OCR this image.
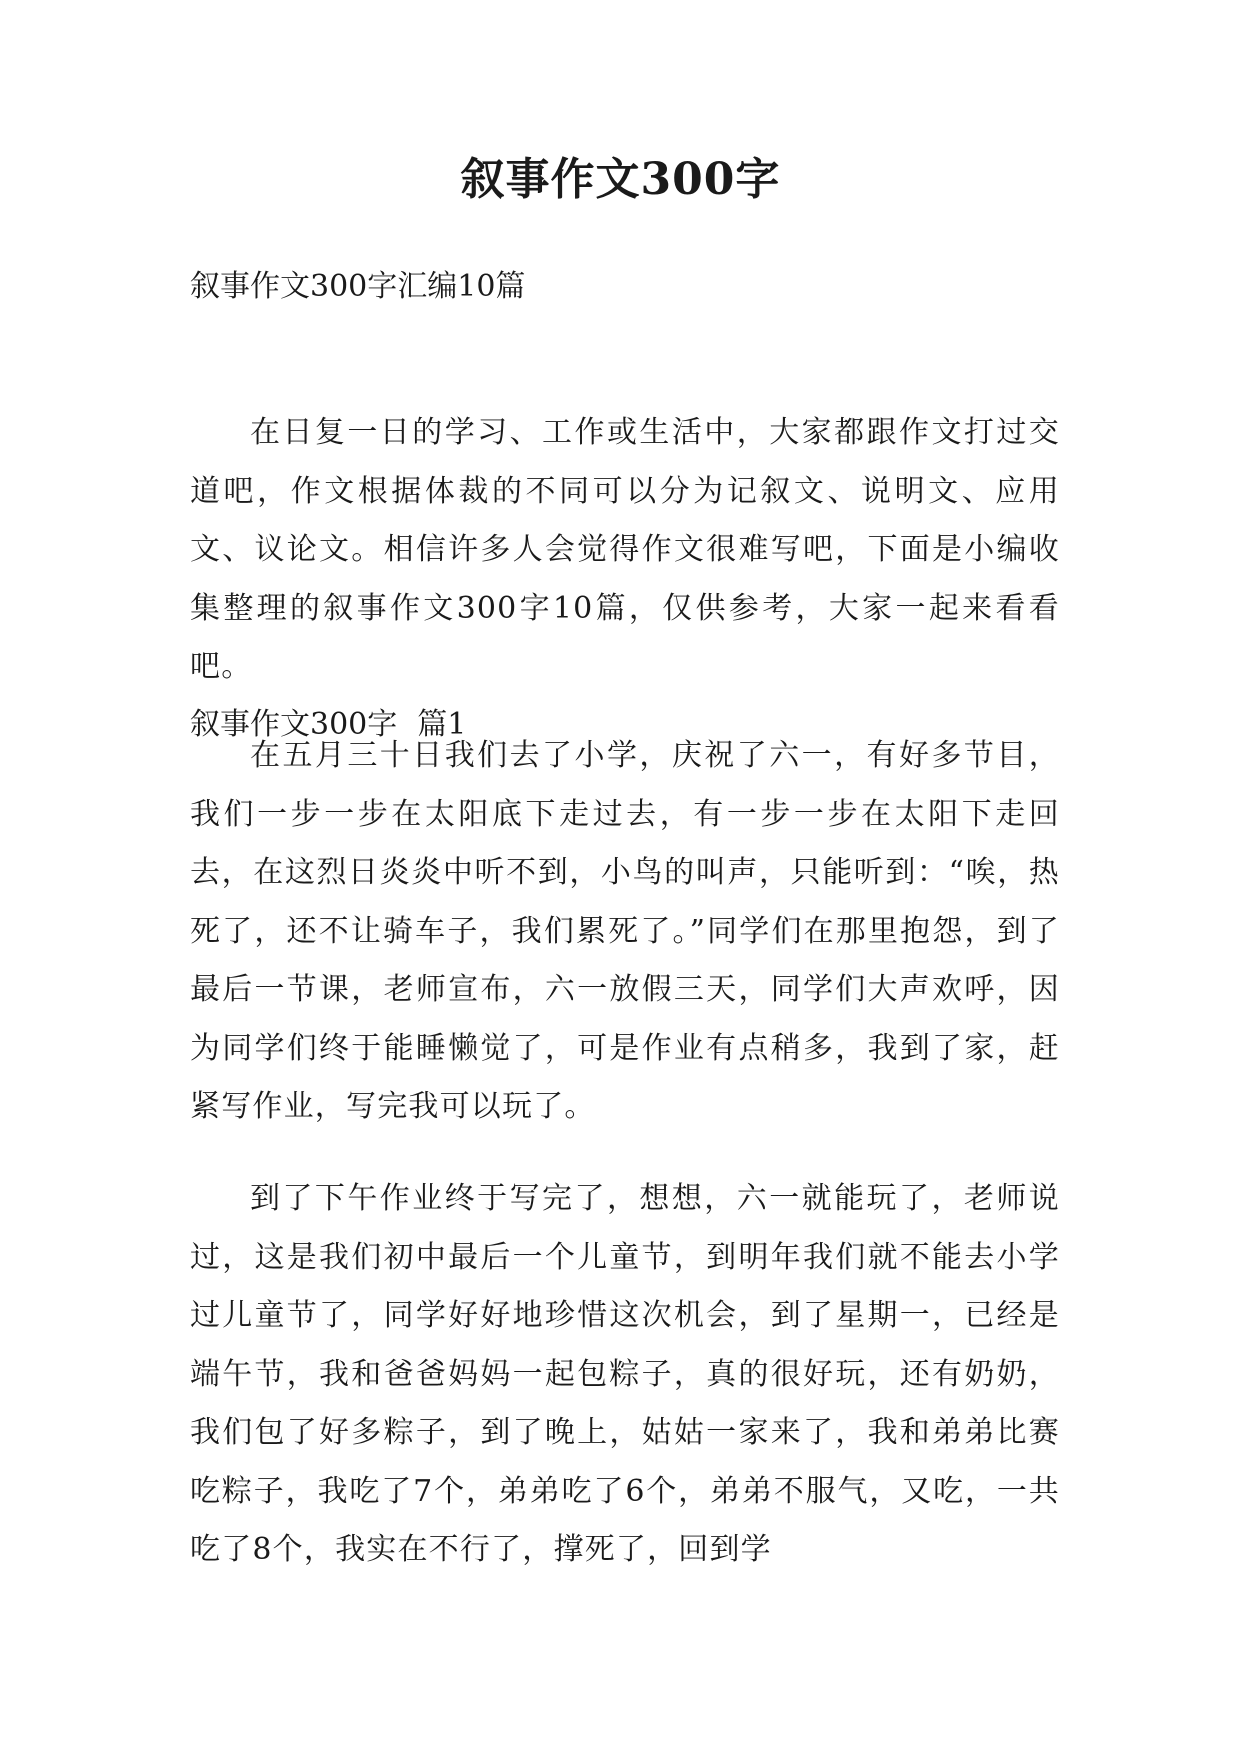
叙事作文300字

叙事作文300字汇编10篇

在日复一日的学习、工作或生活中，大家都跟作文打过交道吧，作文根据体裁的不同可以分为记叙文、说明文、应用文、议论文。相信许多人会觉得作文很难写吧，下面是小编收集整理的叙事作文300字10篇，仅供参考，大家一起来看看吧。

叙事作文300字 篇1

在五月三十日我们去了小学，庆祝了六一，有好多节目，我们一步一步在太阳底下走过去，有一步一步在太阳下走回去，在这烈日炎炎中听不到，小鸟的叫声，只能听到：“唉，热死了，还不让骑车子，我们累死了。”同学们在那里抱怨，到了最后一节课，老师宣布，六一放假三天，同学们大声欢呼，因为同学们终于能睡懒觉了，可是作业有点稍多，我到了家，赶紧写作业，写完我可以玩了。

到了下午作业终于写完了，想想，六一就能玩了，老师说过，这是我们初中最后一个儿童节，到明年我们就不能去小学过儿童节了，同学好好地珍惜这次机会，到了星期一，已经是端午节，我和爸爸妈妈一起包粽子，真的很好玩，还有奶奶，我们包了好多粽子，到了晚上，姑姑一家来了，我和弟弟比赛吃粽子，我吃了7个，弟弟吃了6个，弟弟不服气，又吃，一共吃了8个，我实在不行了，撑死了，回到学
